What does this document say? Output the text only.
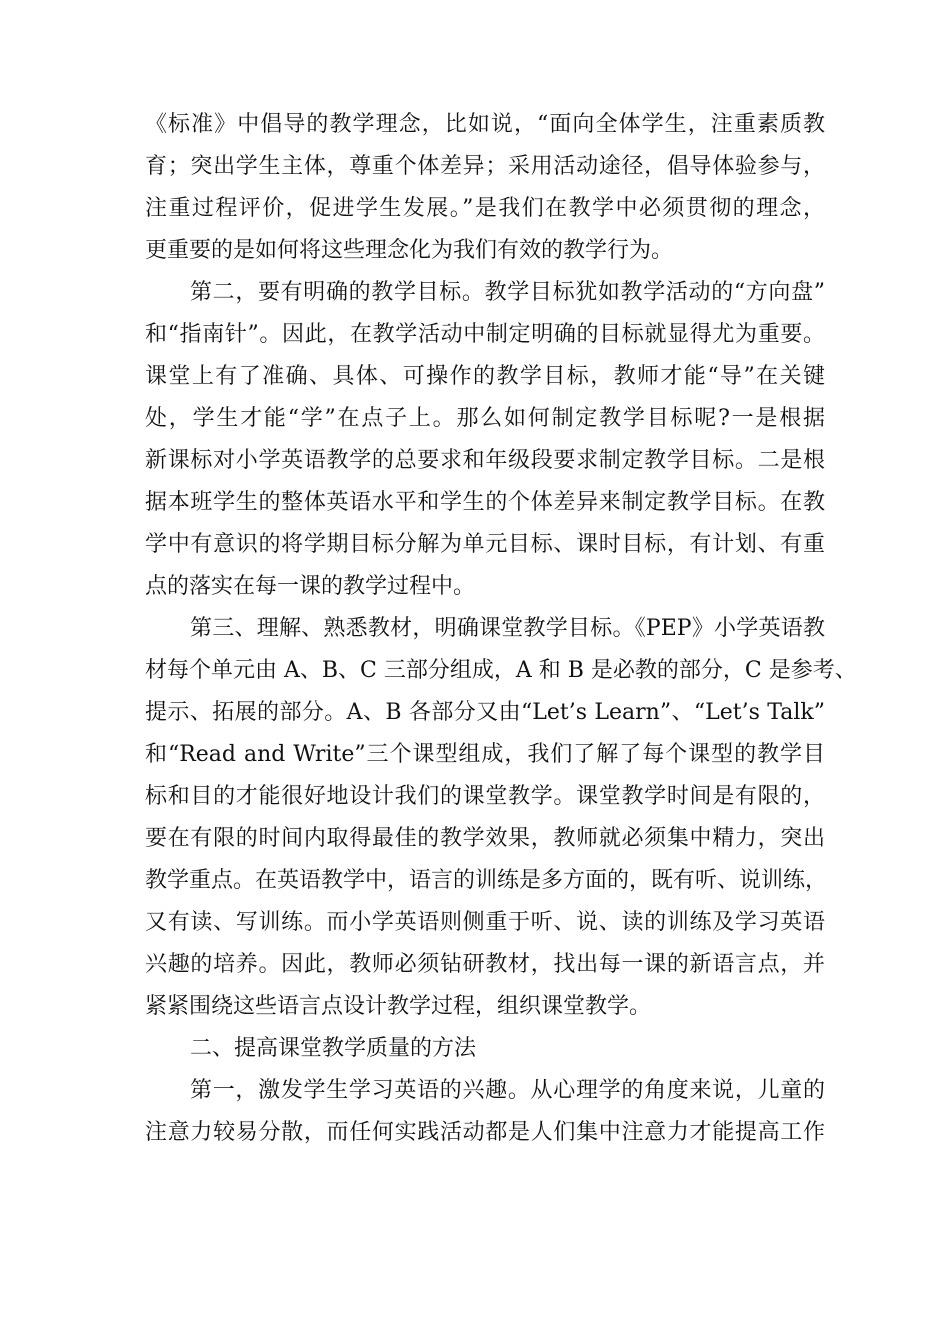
《标准》中倡导的教学理念，比如说，“面向全体学生，注重素质教
育；突出学生主体，尊重个体差异；采用活动途径，倡导体验参与，
注重过程评价，促进学生发展。”是我们在教学中必须贯彻的理念，
更重要的是如何将这些理念化为我们有效的教学行为。
第二，要有明确的教学目标。教学目标犹如教学活动的“方向盘”
和“指南针”。因此，在教学活动中制定明确的目标就显得尤为重要。
课堂上有了准确、具体、可操作的教学目标，教师才能“导”在关键
处，学生才能“学”在点子上。那么如何制定教学目标呢?一是根据
新课标对小学英语教学的总要求和年级段要求制定教学目标。二是根
据本班学生的整体英语水平和学生的个体差异来制定教学目标。在教
学中有意识的将学期目标分解为单元目标、课时目标，有计划、有重
点的落实在每一课的教学过程中。
第三、理解、熟悉教材，明确课堂教学目标。《PEP》小学英语教
材每个单元由 A、B、C 三部分组成，A 和 B 是必教的部分，C 是参考、
提示、拓展的部分。A、B 各部分又由“Let’s Learn”、“Let’s Talk”
和“Read and Write”三个课型组成，我们了解了每个课型的教学目
标和目的才能很好地设计我们的课堂教学。课堂教学时间是有限的，
要在有限的时间内取得最佳的教学效果，教师就必须集中精力，突出
教学重点。在英语教学中，语言的训练是多方面的，既有听、说训练，
又有读、写训练。而小学英语则侧重于听、说、读的训练及学习英语
兴趣的培养。因此，教师必须钻研教材，找出每一课的新语言点，并
紧紧围绕这些语言点设计教学过程，组织课堂教学。
二、提高课堂教学质量的方法
第一，激发学生学习英语的兴趣。从心理学的角度来说，儿童的
注意力较易分散，而任何实践活动都是人们集中注意力才能提高工作
